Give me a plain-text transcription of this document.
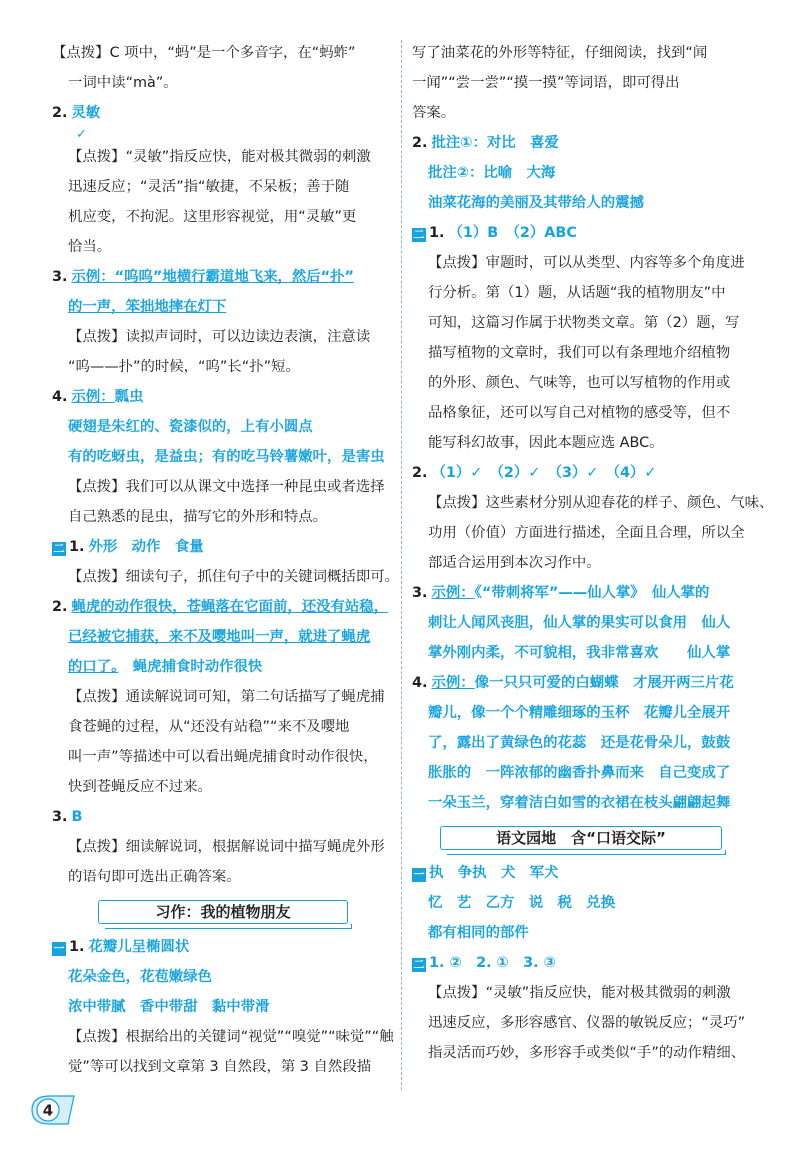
【点拨】C 项中，“蚂”是一个多音字，在“蚂蚱”
一词中读“mà”。
2. 灵敏
✓
【点拨】“灵敏”指反应快，能对极其微弱的刺激
迅速反应；“灵活”指“敏捷，不呆板；善于随
机应变，不拘泥。这里形容视觉，用“灵敏”更
恰当。
3. 示例：“呜呜”地横行霸道地飞来，然后“扑”
的一声，笨拙地摔在灯下
【点拨】读拟声词时，可以边读边表演，注意读
“呜——扑”的时候，“呜”长“扑”短。
4. 示例：瓢虫
硬翅是朱红的、瓷漆似的，上有小圆点
有的吃蚜虫，是益虫；有的吃马铃薯嫩叶，是害虫
【点拨】我们可以从课文中选择一种昆虫或者选择
自己熟悉的昆虫，描写它的外形和特点。
二 1. 外形　动作　食量
【点拨】细读句子，抓住句子中的关键词概括即可。
2. 蝇虎的动作很快，苍蝇落在它面前，还没有站稳，
已经被它捕获，来不及嘤地叫一声，就进了蝇虎
的口了。　 蝇虎捕食时动作很快
【点拨】通读解说词可知，第二句话描写了蝇虎捕
食苍蝇的过程，从“还没有站稳”“来不及嘤地
叫一声”等描述中可以看出蝇虎捕食时动作很快，
快到苍蝇反应不过来。
3. B
【点拨】细读解说词，根据解说词中描写蝇虎外形
的语句即可选出正确答案。
习作：我的植物朋友
一 1. 花瓣儿呈椭圆状
花朵金色，花苞嫩绿色
浓中带腻　香中带甜　黏中带滑
【点拨】根据给出的关键词“视觉”“嗅觉”“味觉”“触
觉”等可以找到文章第 3 自然段，第 3 自然段描
写了油菜花的外形等特征，仔细阅读，找到“闻
一闻”“尝一尝”“摸一摸”等词语，即可得出
答案。
2. 批注①：对比　喜爱
批注②：比喻　大海
油菜花海的美丽及其带给人的震撼
二 1. （1）B　（2）ABC
【点拨】审题时，可以从类型、内容等多个角度进
行分析。第（1）题，从话题“我的植物朋友”中
可知，这篇习作属于状物类文章。第（2）题，写
描写植物的文章时，我们可以有条理地介绍植物
的外形、颜色、气味等，也可以写植物的作用或
品格象征，还可以写自己对植物的感受等，但不
能写科幻故事，因此本题应选 ABC。
2. （1）✓　（2）✓　（3）✓　（4）✓
【点拨】这些素材分别从迎春花的样子、颜色、气味、
功用（价值）方面进行描述，全面且合理，所以全
部适合运用到本次习作中。
3. 示例：《“带刺将军”——仙人掌》　仙人掌的
刺让人闻风丧胆，仙人掌的果实可以食用　仙人
掌外刚内柔，不可貌相，我非常喜欢　　仙人掌
4. 示例：像一只只可爱的白蝴蝶　才展开两三片花
瓣儿，像一个个精雕细琢的玉杯　花瓣儿全展开
了，露出了黄绿色的花蕊　还是花骨朵儿，鼓鼓
胀胀的　一阵浓郁的幽香扑鼻而来　自己变成了
一朵玉兰，穿着洁白如雪的衣裙在枝头翩翩起舞
语文园地　含“口语交际”
一 执　争执　犬　军犬
忆　艺　乙方　说　税　兑换
都有相同的部件
二 1. ②　2. ①　3. ③
【点拨】“灵敏”指反应快，能对极其微弱的刺激
迅速反应，多形容感官、仪器的敏锐反应；“灵巧”
指灵活而巧妙，多形容手或类似“手”的动作精细、
4
